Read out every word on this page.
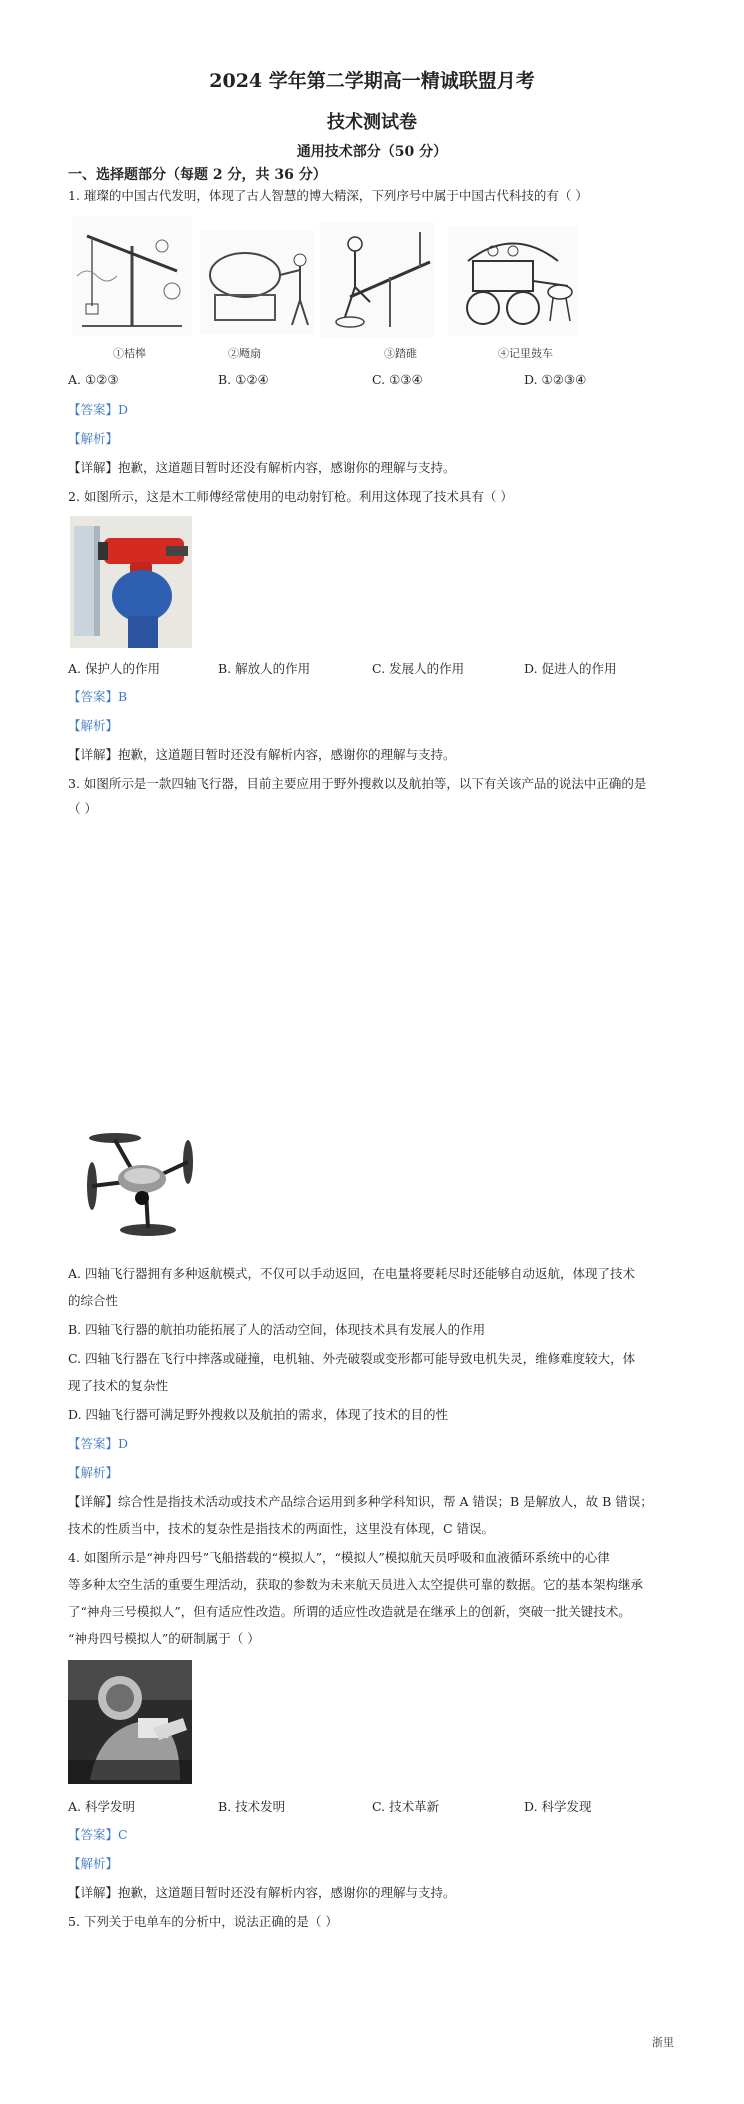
2024 学年第二学期高一精诚联盟月考
技术测试卷
通用技术部分（50 分）
一、选择题部分（每题 2 分，共 36 分）
1. 璀璨的中国古代发明，体现了古人智慧的博大精深，下列序号中属于中国古代科技的有（ ）
①桔槔	②飏扇	③踏碓	④记里鼓车
A. ①②③	B. ①②④	C. ①③④	D. ①②③④
【答案】D
【解析】
【详解】抱歉，这道题目暂时还没有解析内容，感谢你的理解与支持。
2. 如图所示，这是木工师傅经常使用的电动射钉枪。利用这体现了技术具有（ ）
A. 保护人的作用	B. 解放人的作用	C. 发展人的作用	D. 促进人的作用
【答案】B
【解析】
【详解】抱歉，这道题目暂时还没有解析内容，感谢你的理解与支持。
3. 如图所示是一款四轴飞行器，目前主要应用于野外搜救以及航拍等，以下有关该产品的说法中正确的是
（ ）
A. 四轴飞行器拥有多种返航模式，不仅可以手动返回，在电量将要耗尽时还能够自动返航，体现了技术
的综合性
B. 四轴飞行器的航拍功能拓展了人的活动空间，体现技术具有发展人的作用
C. 四轴飞行器在飞行中摔落或碰撞，电机轴、外壳破裂或变形都可能导致电机失灵，维修难度较大，体
现了技术的复杂性
D. 四轴飞行器可满足野外搜救以及航拍的需求，体现了技术的目的性
【答案】D
【解析】
【详解】综合性是指技术活动或技术产品综合运用到多种学科知识，帮 A 错误；B 是解放人，故 B 错误；
技术的性质当中，技术的复杂性是指技术的两面性，这里没有体现，C 错误。
4. 如图所示是“神舟四号”飞船搭载的“模拟人”，“模拟人”模拟航天员呼吸和血液循环系统中的心律
等多种太空生活的重要生理活动，获取的参数为未来航天员进入太空提供可靠的数据。它的基本架构继承
了“神舟三号模拟人”，但有适应性改造。所谓的适应性改造就是在继承上的创新，突破一批关键技术。
“神舟四号模拟人”的研制属于（ ）
A. 科学发明	B. 技术发明	C. 技术革新	D. 科学发现
【答案】C
【解析】
【详解】抱歉，这道题目暂时还没有解析内容，感谢你的理解与支持。
5. 下列关于电单车的分析中，说法正确的是（ ）
浙里
